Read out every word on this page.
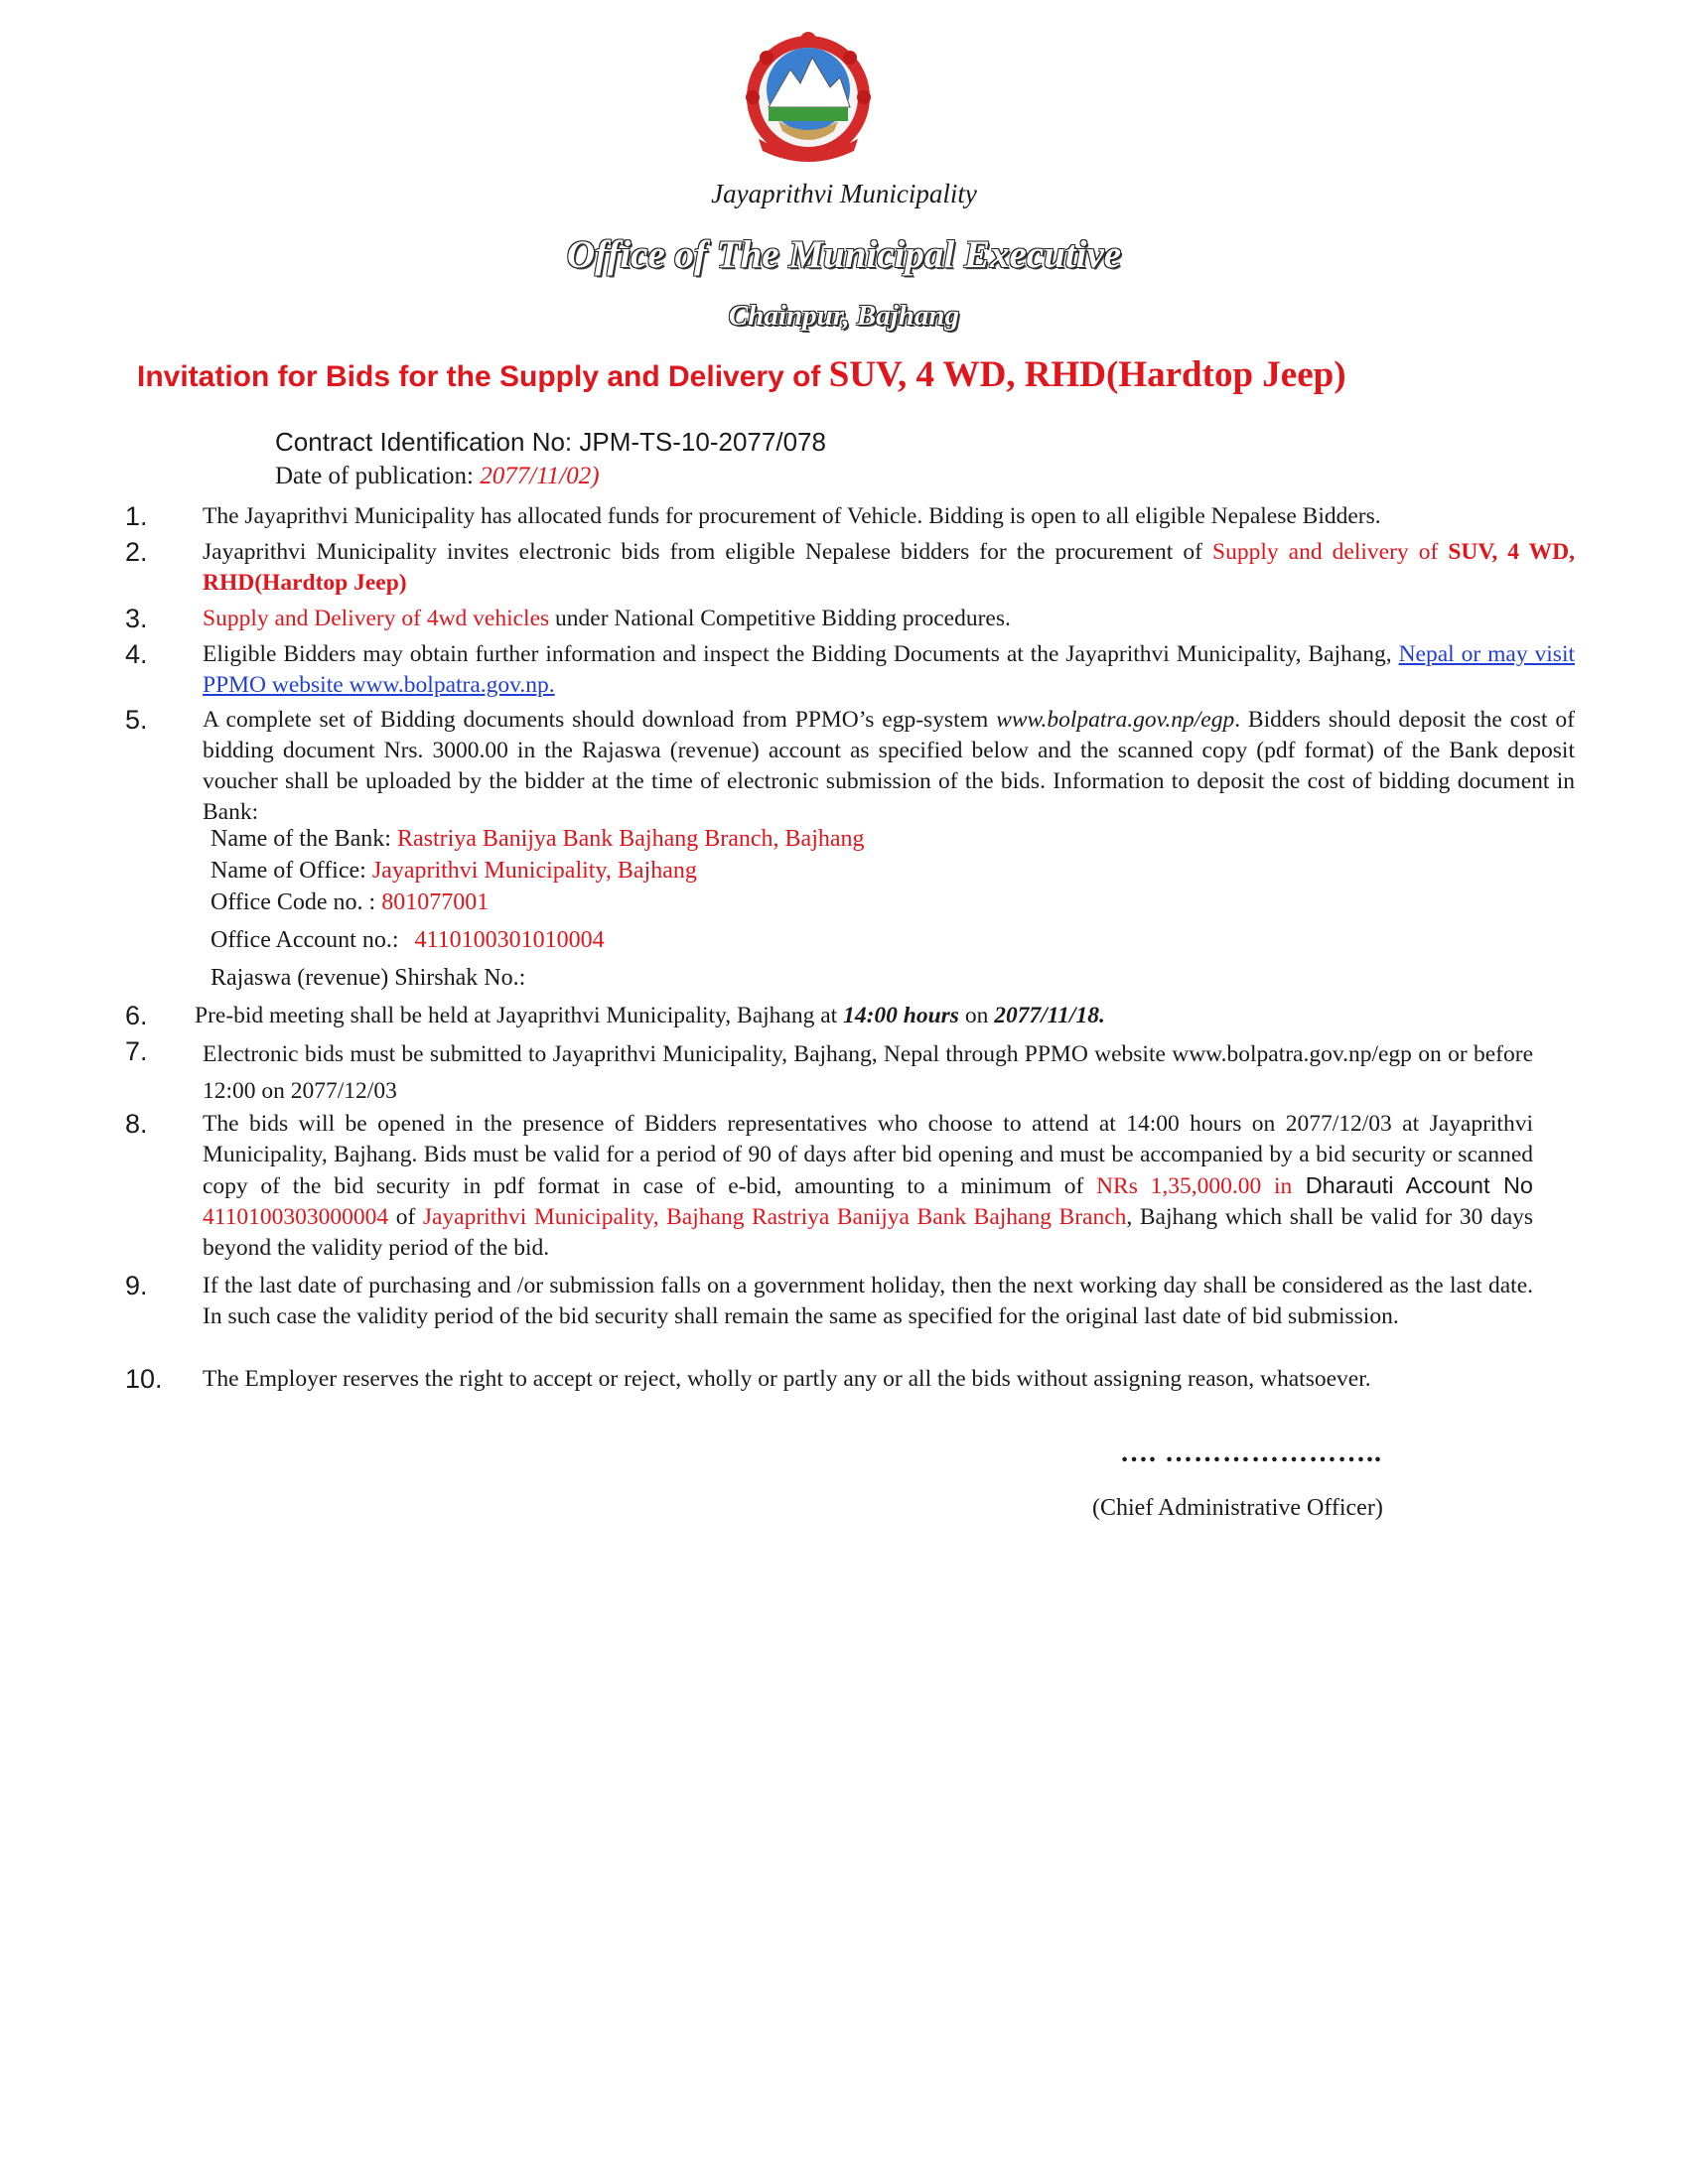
Jayaprithvi Municipality
Office of The Municipal Executive
Chainpur, Bajhang
Invitation for Bids for the Supply and Delivery of SUV, 4 WD, RHD(Hardtop Jeep)
Contract Identification No: JPM-TS-10-2077/078
Date of publication: 2077/11/02)
1. The Jayaprithvi Municipality has allocated funds for procurement of Vehicle. Bidding is open to all eligible Nepalese Bidders.
2. Jayaprithvi Municipality invites electronic bids from eligible Nepalese bidders for the procurement of Supply and delivery of SUV, 4 WD, RHD(Hardtop Jeep)
3. Supply and Delivery of 4wd vehicles under National Competitive Bidding procedures.
4. Eligible Bidders may obtain further information and inspect the Bidding Documents at the Jayaprithvi Municipality, Bajhang, Nepal or may visit PPMO website www.bolpatra.gov.np.
5. A complete set of Bidding documents should download from PPMO’s egp-system www.bolpatra.gov.np/egp. Bidders should deposit the cost of bidding document Nrs. 3000.00 in the Rajaswa (revenue) account as specified below and the scanned copy (pdf format) of the Bank deposit voucher shall be uploaded by the bidder at the time of electronic submission of the bids. Information to deposit the cost of bidding document in Bank:
Name of the Bank: Rastriya Banijya Bank Bajhang Branch, Bajhang
Name of Office: Jayaprithvi Municipality, Bajhang
Office Code no. : 801077001
Office Account no.: 4110100301010004
Rajaswa (revenue) Shirshak No.:
6. Pre-bid meeting shall be held at Jayaprithvi Municipality, Bajhang at 14:00 hours on 2077/11/18.
7. Electronic bids must be submitted to Jayaprithvi Municipality, Bajhang, Nepal through PPMO website www.bolpatra.gov.np/egp on or before 12:00 on 2077/12/03
8. The bids will be opened in the presence of Bidders representatives who choose to attend at 14:00 hours on 2077/12/03 at Jayaprithvi Municipality, Bajhang. Bids must be valid for a period of 90 of days after bid opening and must be accompanied by a bid security or scanned copy of the bid security in pdf format in case of e-bid, amounting to a minimum of NRs 1,35,000.00 in Dharauti Account No 4110100303000004 of Jayaprithvi Municipality, Bajhang Rastriya Banijya Bank Bajhang Branch, Bajhang which shall be valid for 30 days beyond the validity period of the bid.
9. If the last date of purchasing and /or submission falls on a government holiday, then the next working day shall be considered as the last date. In such case the validity period of the bid security shall remain the same as specified for the original last date of bid submission.
10. The Employer reserves the right to accept or reject, wholly or partly any or all the bids without assigning reason, whatsoever.
…. …………………..
(Chief Administrative Officer)
